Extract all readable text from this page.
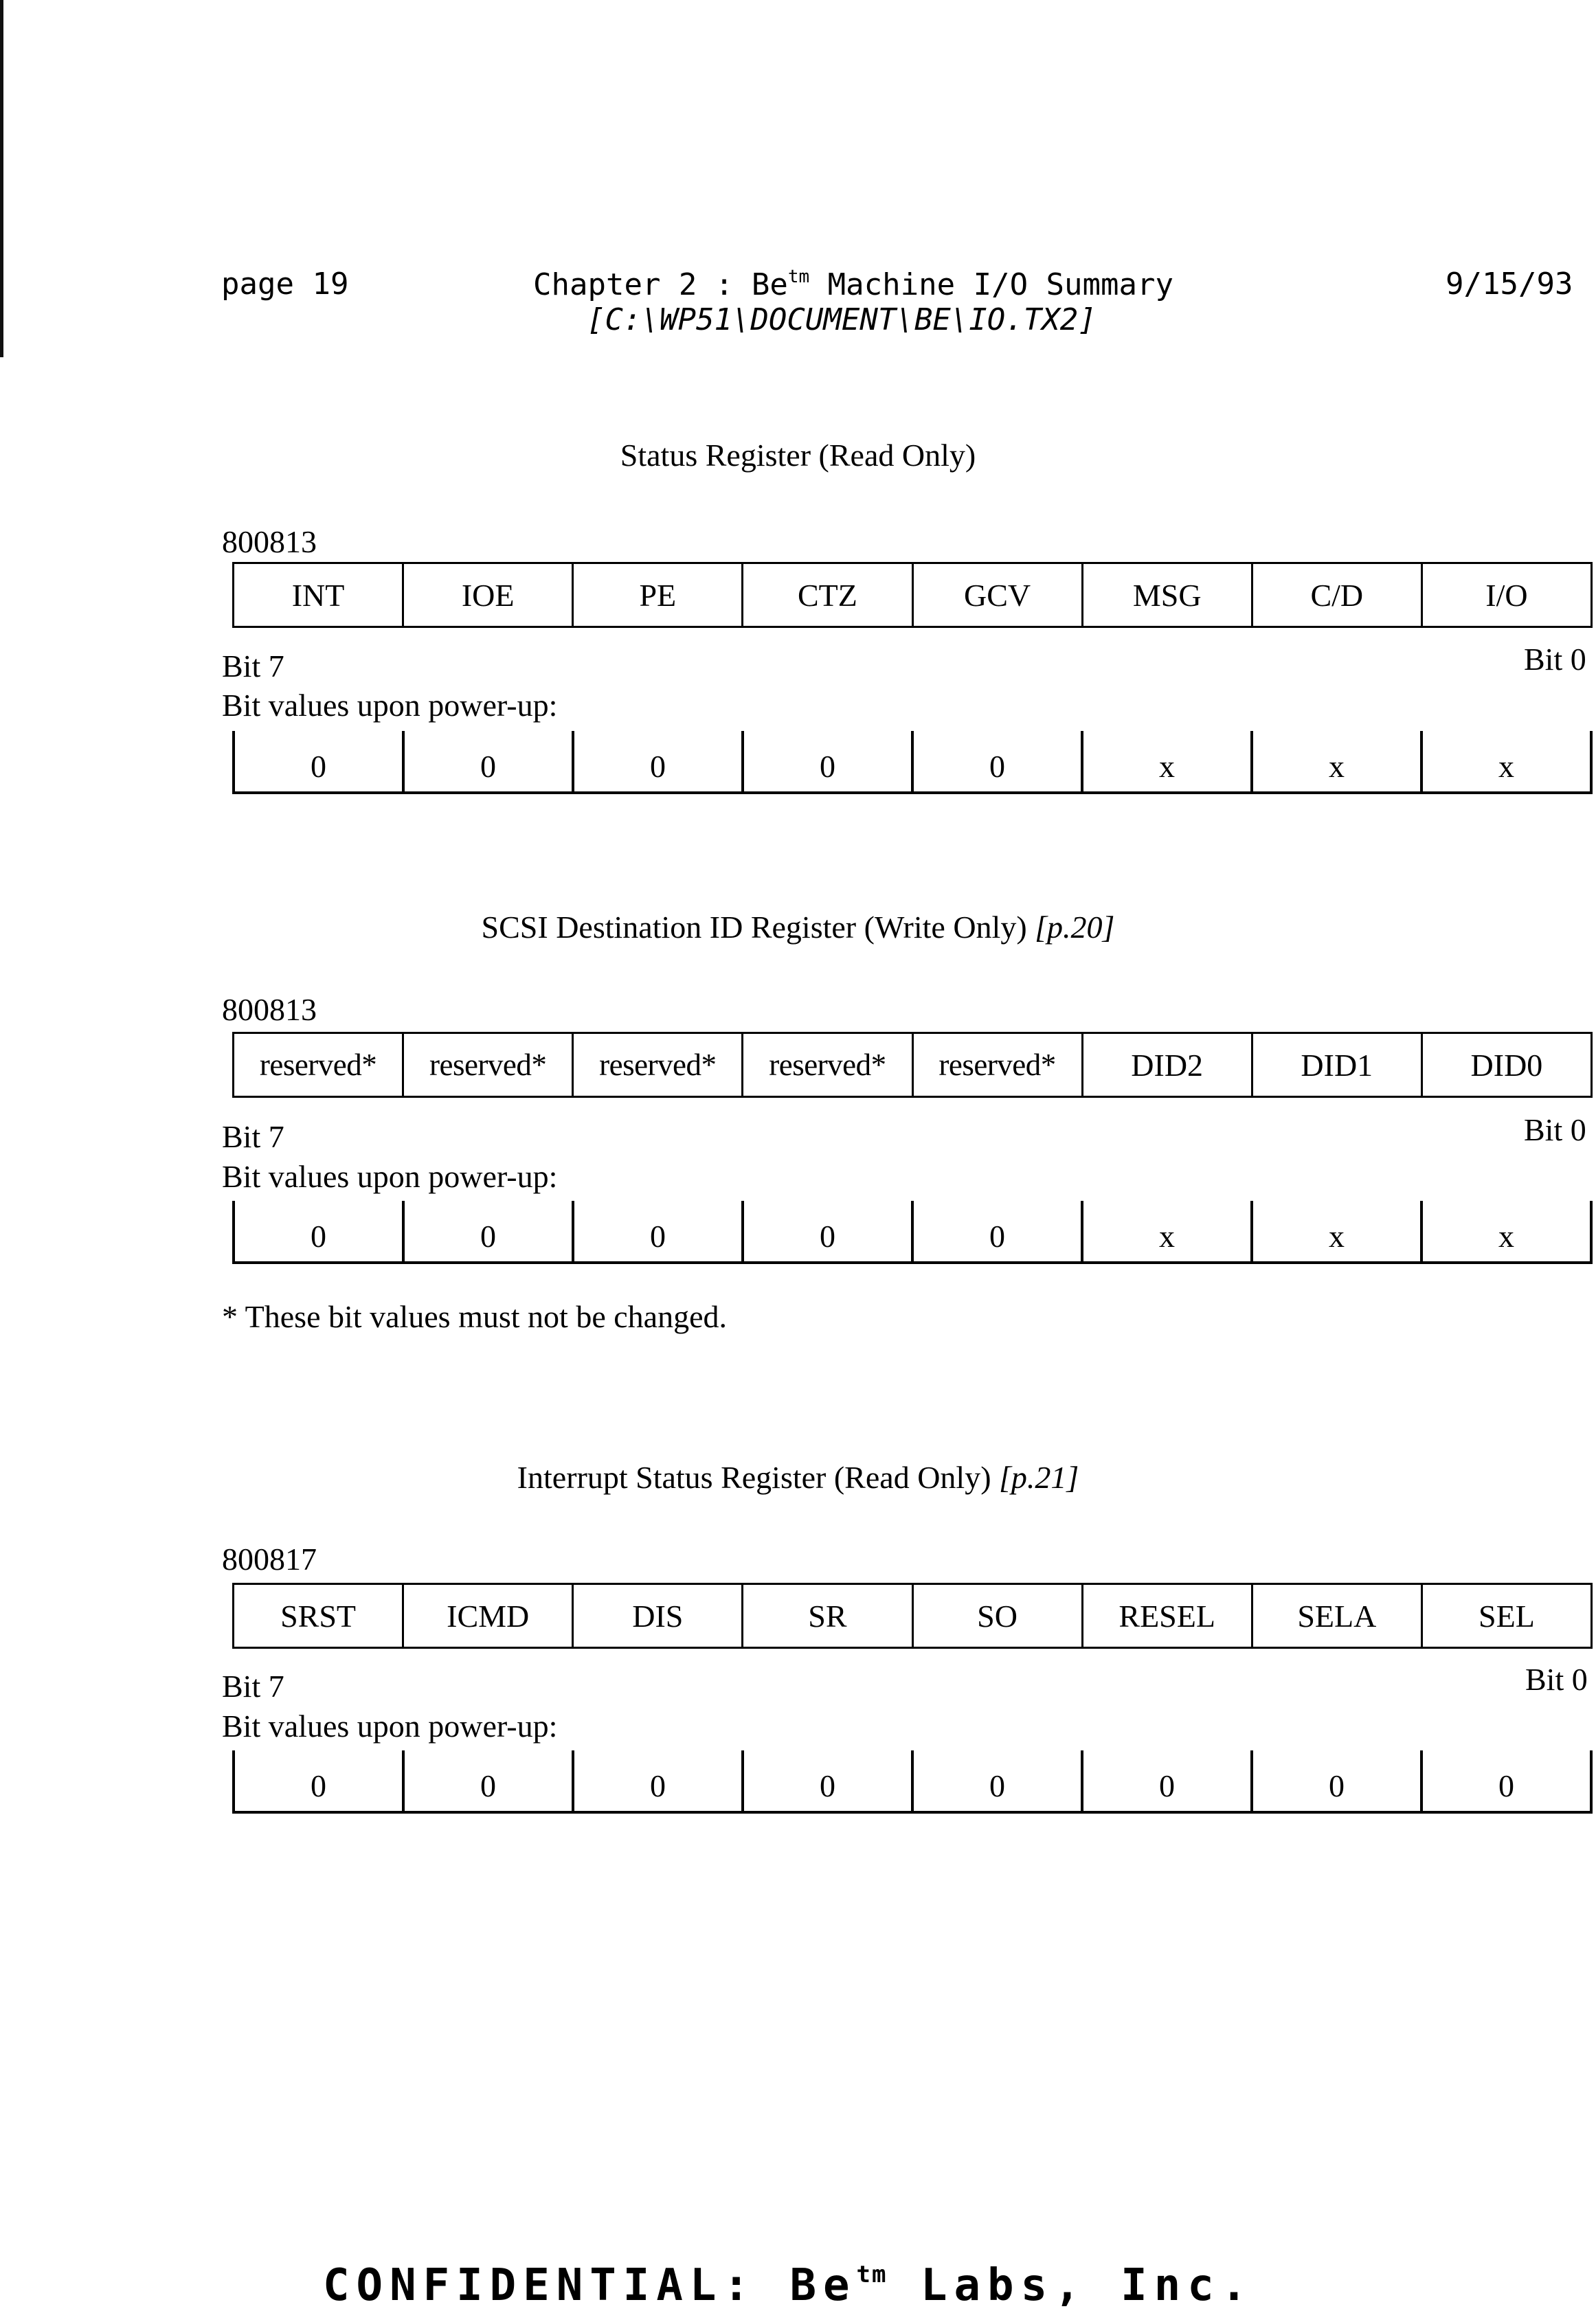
page 19	Chapter 2 : $Be^{tm}$ Machine I/O Summary	9/15/93
[C:\WP51\DOCUMENT\BE\IO.TX2]
Status Register (Read Only)
800813
INT	IOE	PE	CTZ	GCV	MSG	C/D	I/O
Bit 7	Bit 0
Bit values upon power-up:
0	0	0	0	0	x	x	x
SCSI Destination ID Register (Write Only) [p.20]
800813
reserved*	reserved*	reserved*	reserved*	reserved*	DID2	DID1	DID0
Bit 7	Bit 0
Bit values upon power-up:
0	0	0	0	0	x	x	x
* These bit values must not be changed.
Interrupt Status Register (Read Only) [p.21]
800817
SRST	ICMD	DIS	SR	SO	RESEL	SELA	SEL
Bit 7	Bit 0
Bit values upon power-up:
0	0	0	0	0	0	0	0
CONFIDENTIAL: $Be^{tm}$ Labs, Inc.
